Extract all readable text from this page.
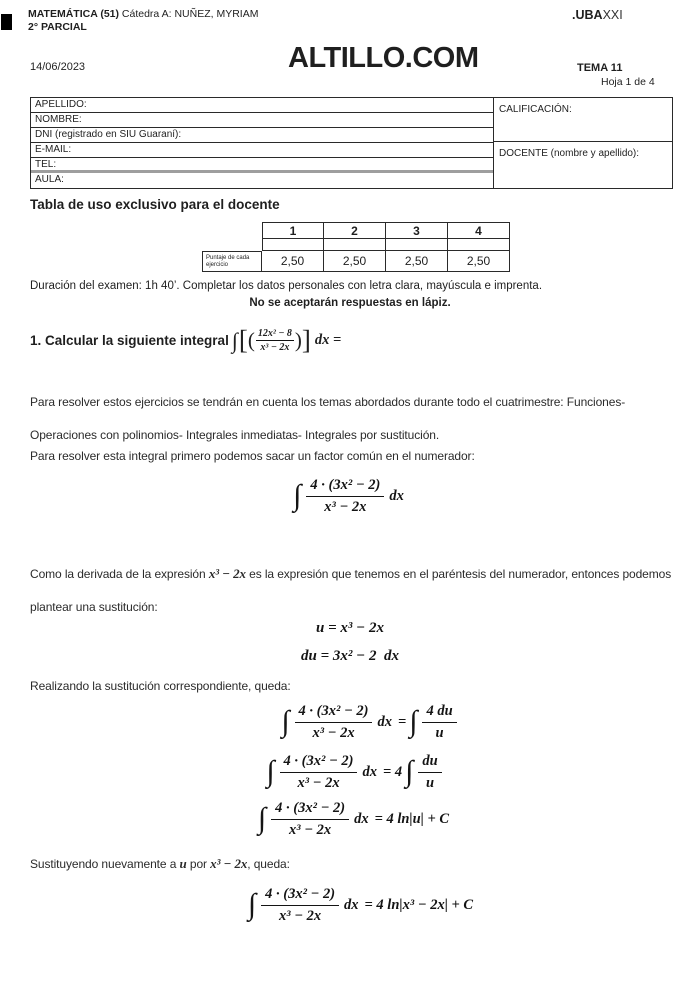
MATEMÁTICA (51) Cátedra A: NUÑEZ, MYRIAM
2° PARCIAL
.UBAXXI
14/06/2023	ALTILLO.COM	TEMA 11
Hoja 1 de 4
APELLIDO:
NOMBRE:
DNI (registrado en SIU Guaraní):
E-MAIL:
TEL:
AULA:
CALIFICACIÓN:
DOCENTE (nombre y apellido):
Tabla de uso exclusivo para el docente
1	2	3	4
Puntaje de cada ejercicio	2,50	2,50	2,50	2,50
Duración del examen: 1h 40’. Completar los datos personales con letra clara, mayúscula e imprenta.
No se aceptarán respuestas en lápiz.
1. Calcular la siguiente integral ∫ [ ( $\frac{\text{12x² − 8}}{\text{x³ − 2x}}$ ) ] dx =
Para resolver estos ejercicios se tendrán en cuenta los temas abordados durante todo el cuatrimestre: Funciones- Operaciones con polinomios- Integrales inmediatas- Integrales por sustitución.
Para resolver esta integral primero podemos sacar un factor común en el numerador:
∫ $\frac{\text{4 · (3x² − 2)}}{\text{x³ − 2x}}$ dx
Como la derivada de la expresión x³ − 2x es la expresión que tenemos en el paréntesis del numerador, entonces podemos plantear una sustitución:
u = x³ − 2x
du = 3x² − 2  dx
Realizando la sustitución correspondiente, queda:
∫ $\frac{\text{4 · (3x² − 2)}}{\text{x³ − 2x}}$ dx = ∫ $\frac{4 du}{u}$
∫ $\frac{\text{4 · (3x² − 2)}}{\text{x³ − 2x}}$ dx = 4 ∫ $\frac{du}{u}$
∫ $\frac{\text{4 · (3x² − 2)}}{\text{x³ − 2x}}$ dx = 4 ln|u| + C
Sustituyendo nuevamente a u por x³ − 2x, queda:
∫ $\frac{\text{4 · (3x² − 2)}}{\text{x³ − 2x}}$ dx = 4 ln|x³ − 2x| + C
